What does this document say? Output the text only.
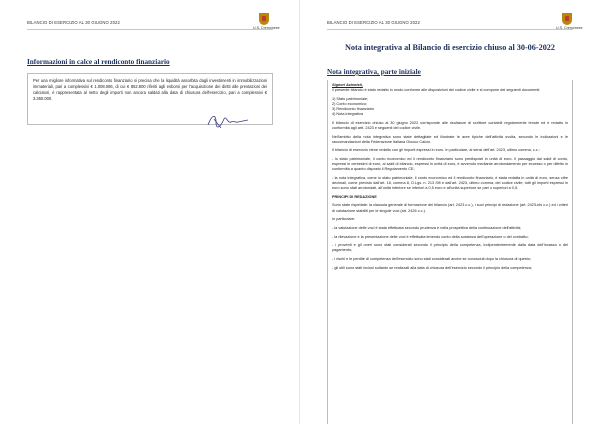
BILANCIO DI ESERCIZIO AL 30 GIUGNO 2022
U.S. Cremonese
Informazioni in calce al rendiconto finanziario

Per una migliore informativa sul rendiconto finanziario si precisa che la liquidità assorbita dagli investimenti in immobilizzazioni immateriali, pari a complessivi € 1.008.086, di cui € 852.800 riferiti agli esborsi per l'acquisizione dei diritti alle prestazioni dei calciatori, è rappresentata al netto degli importi non ancora saldati alla data di chiusura dell'esercizio, pari a complessivi € 3.350.000.

BILANCIO DI ESERCIZIO AL 30 GIUGNO 2022
U.S. Cremonese
Nota integrativa al Bilancio di esercizio chiuso al 30-06-2022
Nota integrativa, parte iniziale

Signori Azionisti,

il presente bilancio è stato redatto in modo conforme alle disposizioni del codice civile e si compone dei seguenti documenti:

1) Stato patrimoniale;
2) Conto economico;
3) Rendiconto finanziario
4) Nota integrativa

Il bilancio di esercizio chiuso al 30 giugno 2022 corrisponde alle risultanze di scritture contabili regolarmente tenute ed è redatto in conformità agli artt. 2423 e seguenti del codice civile.

Nell'ambito della nota integrativa sono state dettagliate ed illustrate le aree tipiche dell'attività svolta, secondo le indicazioni e le raccomandazioni della Federazione Italiana Giuoco Calcio.

Il bilancio di esercizio viene redatto con gli importi espressi in euro. In particolare, ai sensi dell'art. 2423, ultimo comma, c.c.:

- lo stato patrimoniale, il conto economico ed il rendiconto finanziario sono predisposti in unità di euro. Il passaggio dai saldi di conto, espressi in centesimi di euro, ai saldi di bilancio, espressi in unità di euro, è avvenuto mediante arrotondamento per eccesso o per difetto in conformità a quanto disposto il Regolamento CE;

- la nota integrativa, come lo stato patrimoniale, il conto economico ed il rendiconto finanziario, è stata redatta in unità di euro, senza cifre decimali, come previsto dall'art. 16, comma 8, D.Lgs. n. 213 /98 e dall'art. 2423, ultimo comma, del codice civile; tutti gli importi espressi in euro sono stati arrotondati, all'unità inferiore se inferiori a 0,5 euro e all'unità superiore se pari o superiori a 0,5.

PRINCIPI DI REDAZIONE

Sono state rispettate: la clausola generale di formazione del bilancio (art. 2423 c.c.), i suoi principi di redazione (art. 2423-bis c.c.) ed i criteri di valutazione stabiliti per le singole voci (art. 2426 c.c.).

In particolare:

- la valutazione delle voci è stata effettuata secondo prudenza e nella prospettiva della continuazione dell'attività;

- la rilevazione e la presentazione delle voci è effettuata tenendo conto della sostanza dell'operazione o del contratto;

- i proventi e gli oneri sono stati considerati secondo il principio della competenza, indipendentemente dalla data dell'incasso o del pagamento;

- i rischi e le perdite di competenza dell'esercizio sono stati considerati anche se conosciuti dopo la chiusura di questo;

- gli utili sono stati inclusi soltanto se realizzati alla data di chiusura dell'esercizio secondo il principio della competenza;
